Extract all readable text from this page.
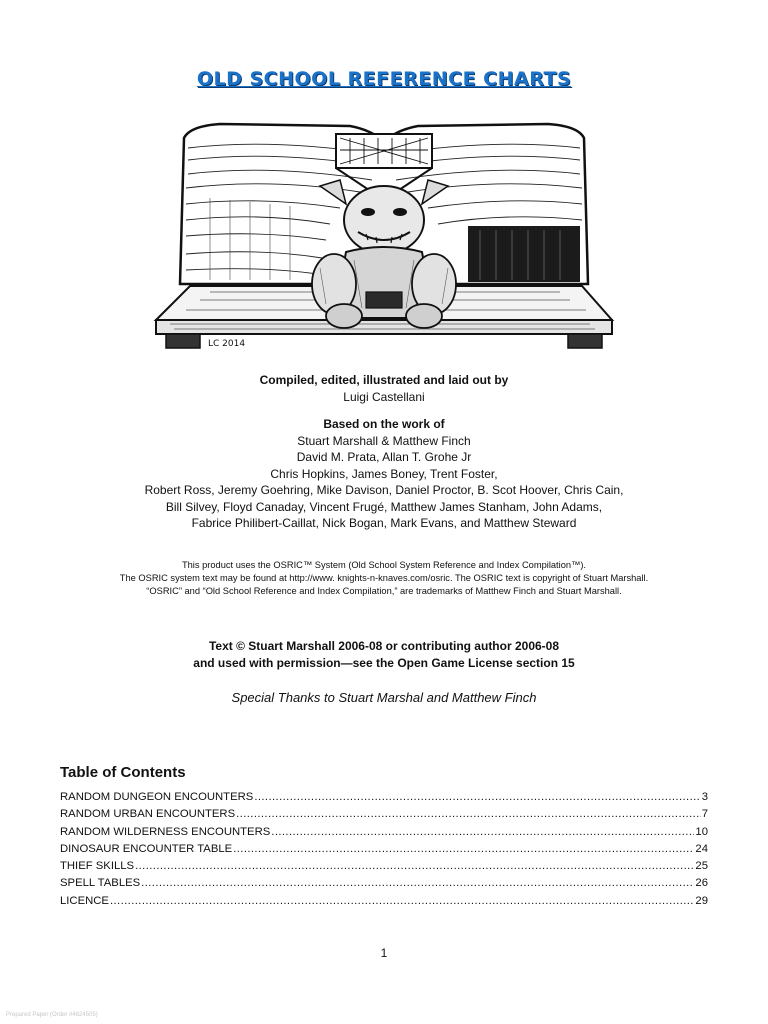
OLD SCHOOL REFERENCE CHARTS
LC 2014
Compiled, edited, illustrated and laid out by
Luigi Castellani
Based on the work of
Stuart Marshall & Matthew Finch
David M. Prata, Allan T. Grohe Jr
Chris Hopkins, James Boney, Trent Foster,
Robert Ross, Jeremy Goehring, Mike Davison, Daniel Proctor, B. Scot Hoover, Chris Cain,
Bill Silvey, Floyd Canaday, Vincent Frugé, Matthew James Stanham, John Adams,
Fabrice Philibert-Caillat, Nick Bogan, Mark Evans, and Matthew Steward
This product uses the OSRIC™ System (Old School System Reference and Index Compilation™).
The OSRIC system text may be found at http://www. knights-n-knaves.com/osric. The OSRIC text is copyright of Stuart Marshall.
“OSRIC” and “Old School Reference and Index Compilation,” are trademarks of Matthew Finch and Stuart Marshall.
Text © Stuart Marshall 2006-08 or contributing author 2006-08
and used with permission—see the Open Game License section 15
Special Thanks to Stuart Marshal and Matthew Finch
Table of Contents
RANDOM DUNGEON ENCOUNTERS .....	3
RANDOM URBAN ENCOUNTERS .....	7
RANDOM WILDERNESS ENCOUNTERS .....	10
DINOSAUR ENCOUNTER TABLE .....	24
THIEF SKILLS .....	25
SPELL TABLES .....	26
LICENCE .....	29
1
Prepared Paper (Order #4624505)
